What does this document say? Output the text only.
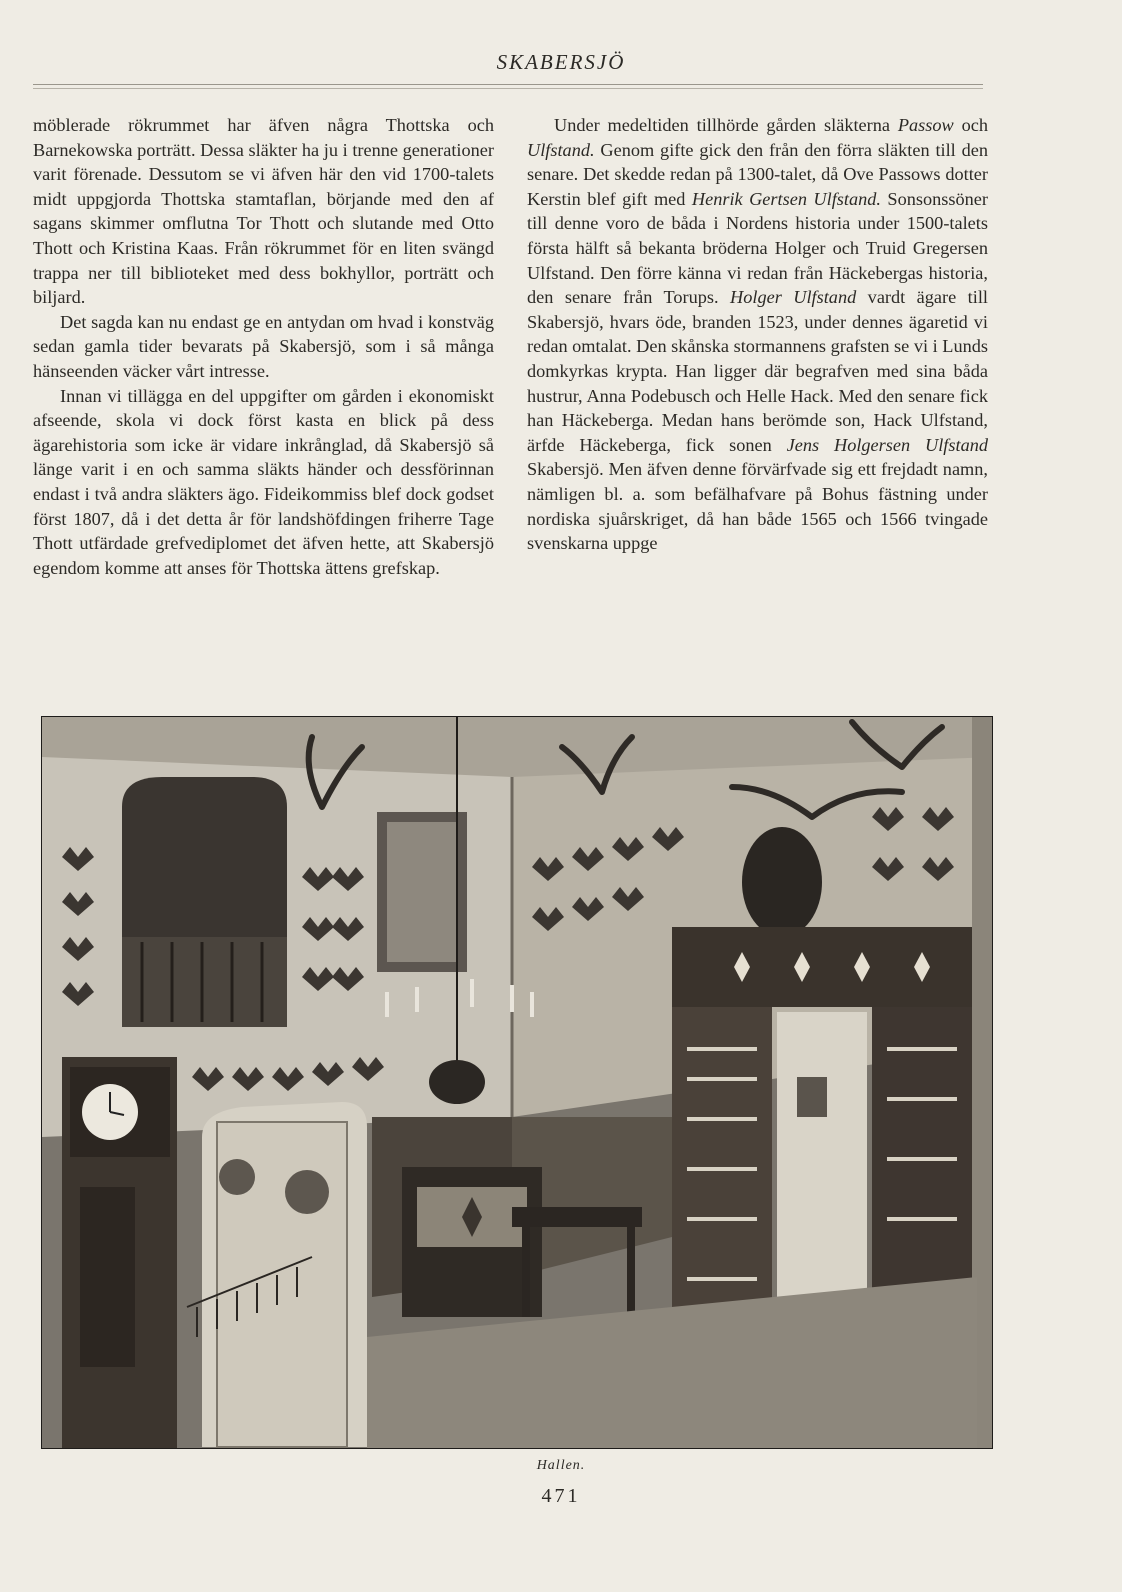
SKABERSJÖ

möblerade rökrummet har äfven några Thottska och Barnekowska porträtt. Dessa släkter ha ju i trenne generationer varit förenade. Dessutom se vi äfven här den vid 1700-talets midt uppgjorda Thottska stamtaflan, börjande med den af sagans skimmer omflutna Tor Thott och slutande med Otto Thott och Kristina Kaas. Från rökrummet för en liten svängd trappa ner till biblioteket med dess bokhyllor, porträtt och biljard.

Det sagda kan nu endast ge en antydan om hvad i konstväg sedan gamla tider bevarats på Skabersjö, som i så många hänseenden väcker vårt intresse.

Innan vi tillägga en del uppgifter om gården i ekonomiskt afseende, skola vi dock först kasta en blick på dess ägarehistoria som icke är vidare inkrånglad, då Skabersjö så länge varit i en och samma släkts händer och dessförinnan endast i två andra släkters ägo. Fideikommiss blef dock godset först 1807, då i det detta år för landshöfdingen friherre Tage Thott utfärdade grefvediplomet det äfven hette, att Skabersjö egendom komme att anses för Thottska ättens grefskap.

Under medeltiden tillhörde gården släkterna Passow och Ulfstand. Genom gifte gick den från den förra släkten till den senare. Det skedde redan på 1300-talet, då Ove Passows dotter Kerstin blef gift med Henrik Gertsen Ulfstand. Sonsonssöner till denne voro de båda i Nordens historia under 1500-talets första hälft så bekanta bröderna Holger och Truid Gregersen Ulfstand. Den förre känna vi redan från Häckebergas historia, den senare från Torups. Holger Ulfstand vardt ägare till Skabersjö, hvars öde, branden 1523, under dennes ägaretid vi redan omtalat. Den skånska stormannens grafsten se vi i Lunds domkyrkas krypta. Han ligger där begrafven med sina båda hustrur, Anna Podebusch och Helle Hack. Med den senare fick han Häckeberga. Medan hans berömde son, Hack Ulfstand, ärfde Häckeberga, fick sonen Jens Holgersen Ulfstand Skabersjö. Men äfven denne förvärfvade sig ett frejdadt namn, nämligen bl. a. som befälhafvare på Bohus fästning under nordiska sjuårskriget, då han både 1565 och 1566 tvingade svenskarna uppge

Hallen.
471
